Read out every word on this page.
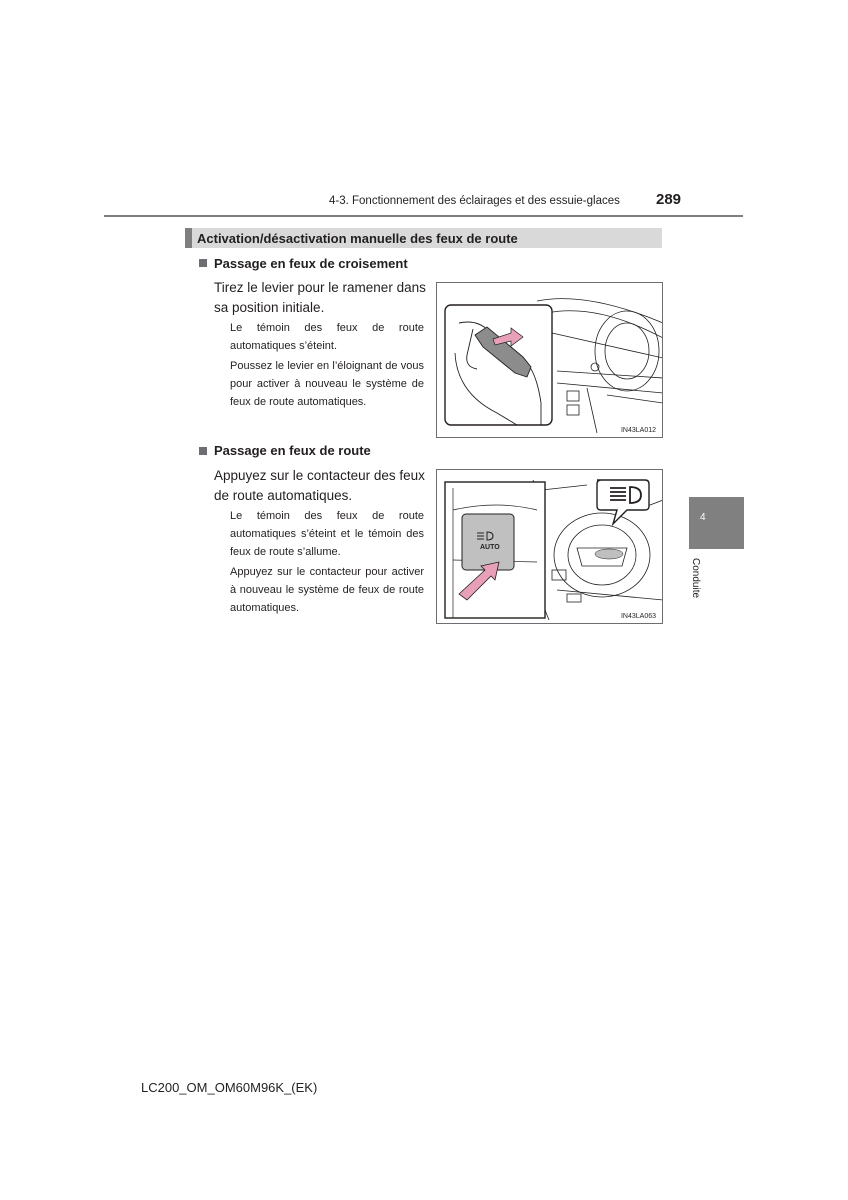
4-3. Fonctionnement des éclairages et des essuie-glaces 289
Activation/désactivation manuelle des feux de route
Passage en feux de croisement
Tirez le levier pour le ramener dans sa position initiale.
Le témoin des feux de route automatiques s’éteint.
Poussez le levier en l’éloignant de vous pour activer à nouveau le système de feux de route automatiques.
IN43LA012
Passage en feux de route
Appuyez sur le contacteur des feux de route automatiques.
Le témoin des feux de route automatiques s’éteint et le témoin des feux de route s’allume.
Appuyez sur le contacteur pour activer à nouveau le système de feux de route automatiques.
AUTO
IN43LA063
4
Conduite
LC200_OM_OM60M96K_(EK)
